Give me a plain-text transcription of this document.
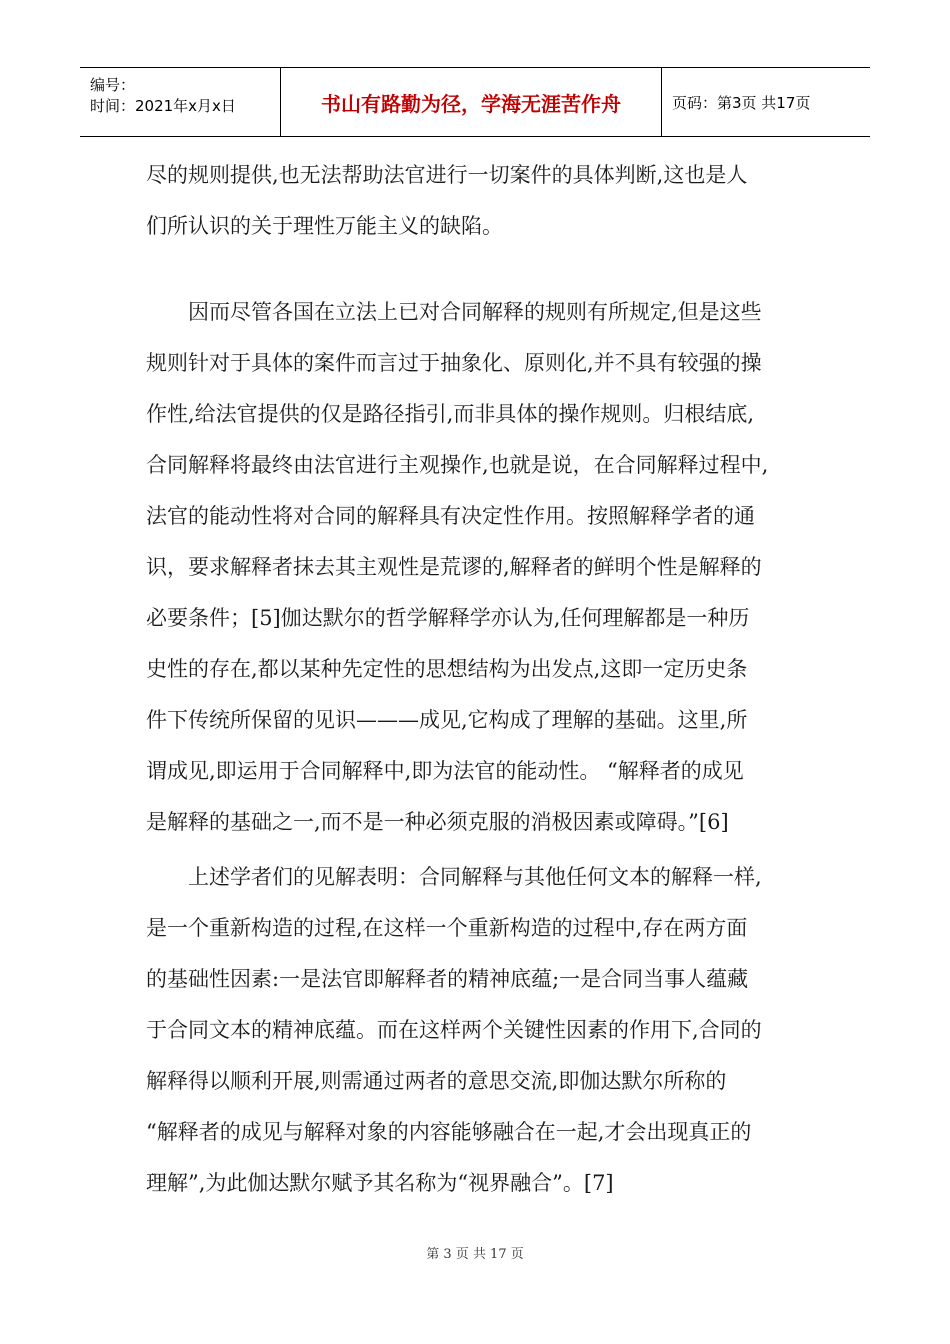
编号：
时间：2021年x月x日	书山有路勤为径，学海无涯苦作舟	页码：第3页 共17页
尽的规则提供,也无法帮助法官进行一切案件的具体判断,这也是人
们所认识的关于理性万能主义的缺陷。
因而尽管各国在立法上已对合同解释的规则有所规定,但是这些
规则针对于具体的案件而言过于抽象化、原则化,并不具有较强的操
作性,给法官提供的仅是路径指引,而非具体的操作规则。归根结底,
合同解释将最终由法官进行主观操作,也就是说，在合同解释过程中,
法官的能动性将对合同的解释具有决定性作用。按照解释学者的通
识，要求解释者抹去其主观性是荒谬的,解释者的鲜明个性是解释的
必要条件；[5]伽达默尔的哲学解释学亦认为,任何理解都是一种历
史性的存在,都以某种先定性的思想结构为出发点,这即一定历史条
件下传统所保留的见识———成见,它构成了理解的基础。这里,所
谓成见,即运用于合同解释中,即为法官的能动性。 “解释者的成见
是解释的基础之一,而不是一种必须克服的消极因素或障碍。”[6]
上述学者们的见解表明：合同解释与其他任何文本的解释一样,
是一个重新构造的过程,在这样一个重新构造的过程中,存在两方面
的基础性因素:一是法官即解释者的精神底蕴;一是合同当事人蕴藏
于合同文本的精神底蕴。而在这样两个关键性因素的作用下,合同的
解释得以顺利开展,则需通过两者的意思交流,即伽达默尔所称的
“解释者的成见与解释对象的内容能够融合在一起,才会出现真正的
理解”,为此伽达默尔赋予其名称为“视界融合”。[7]
第 3 页 共 17 页
